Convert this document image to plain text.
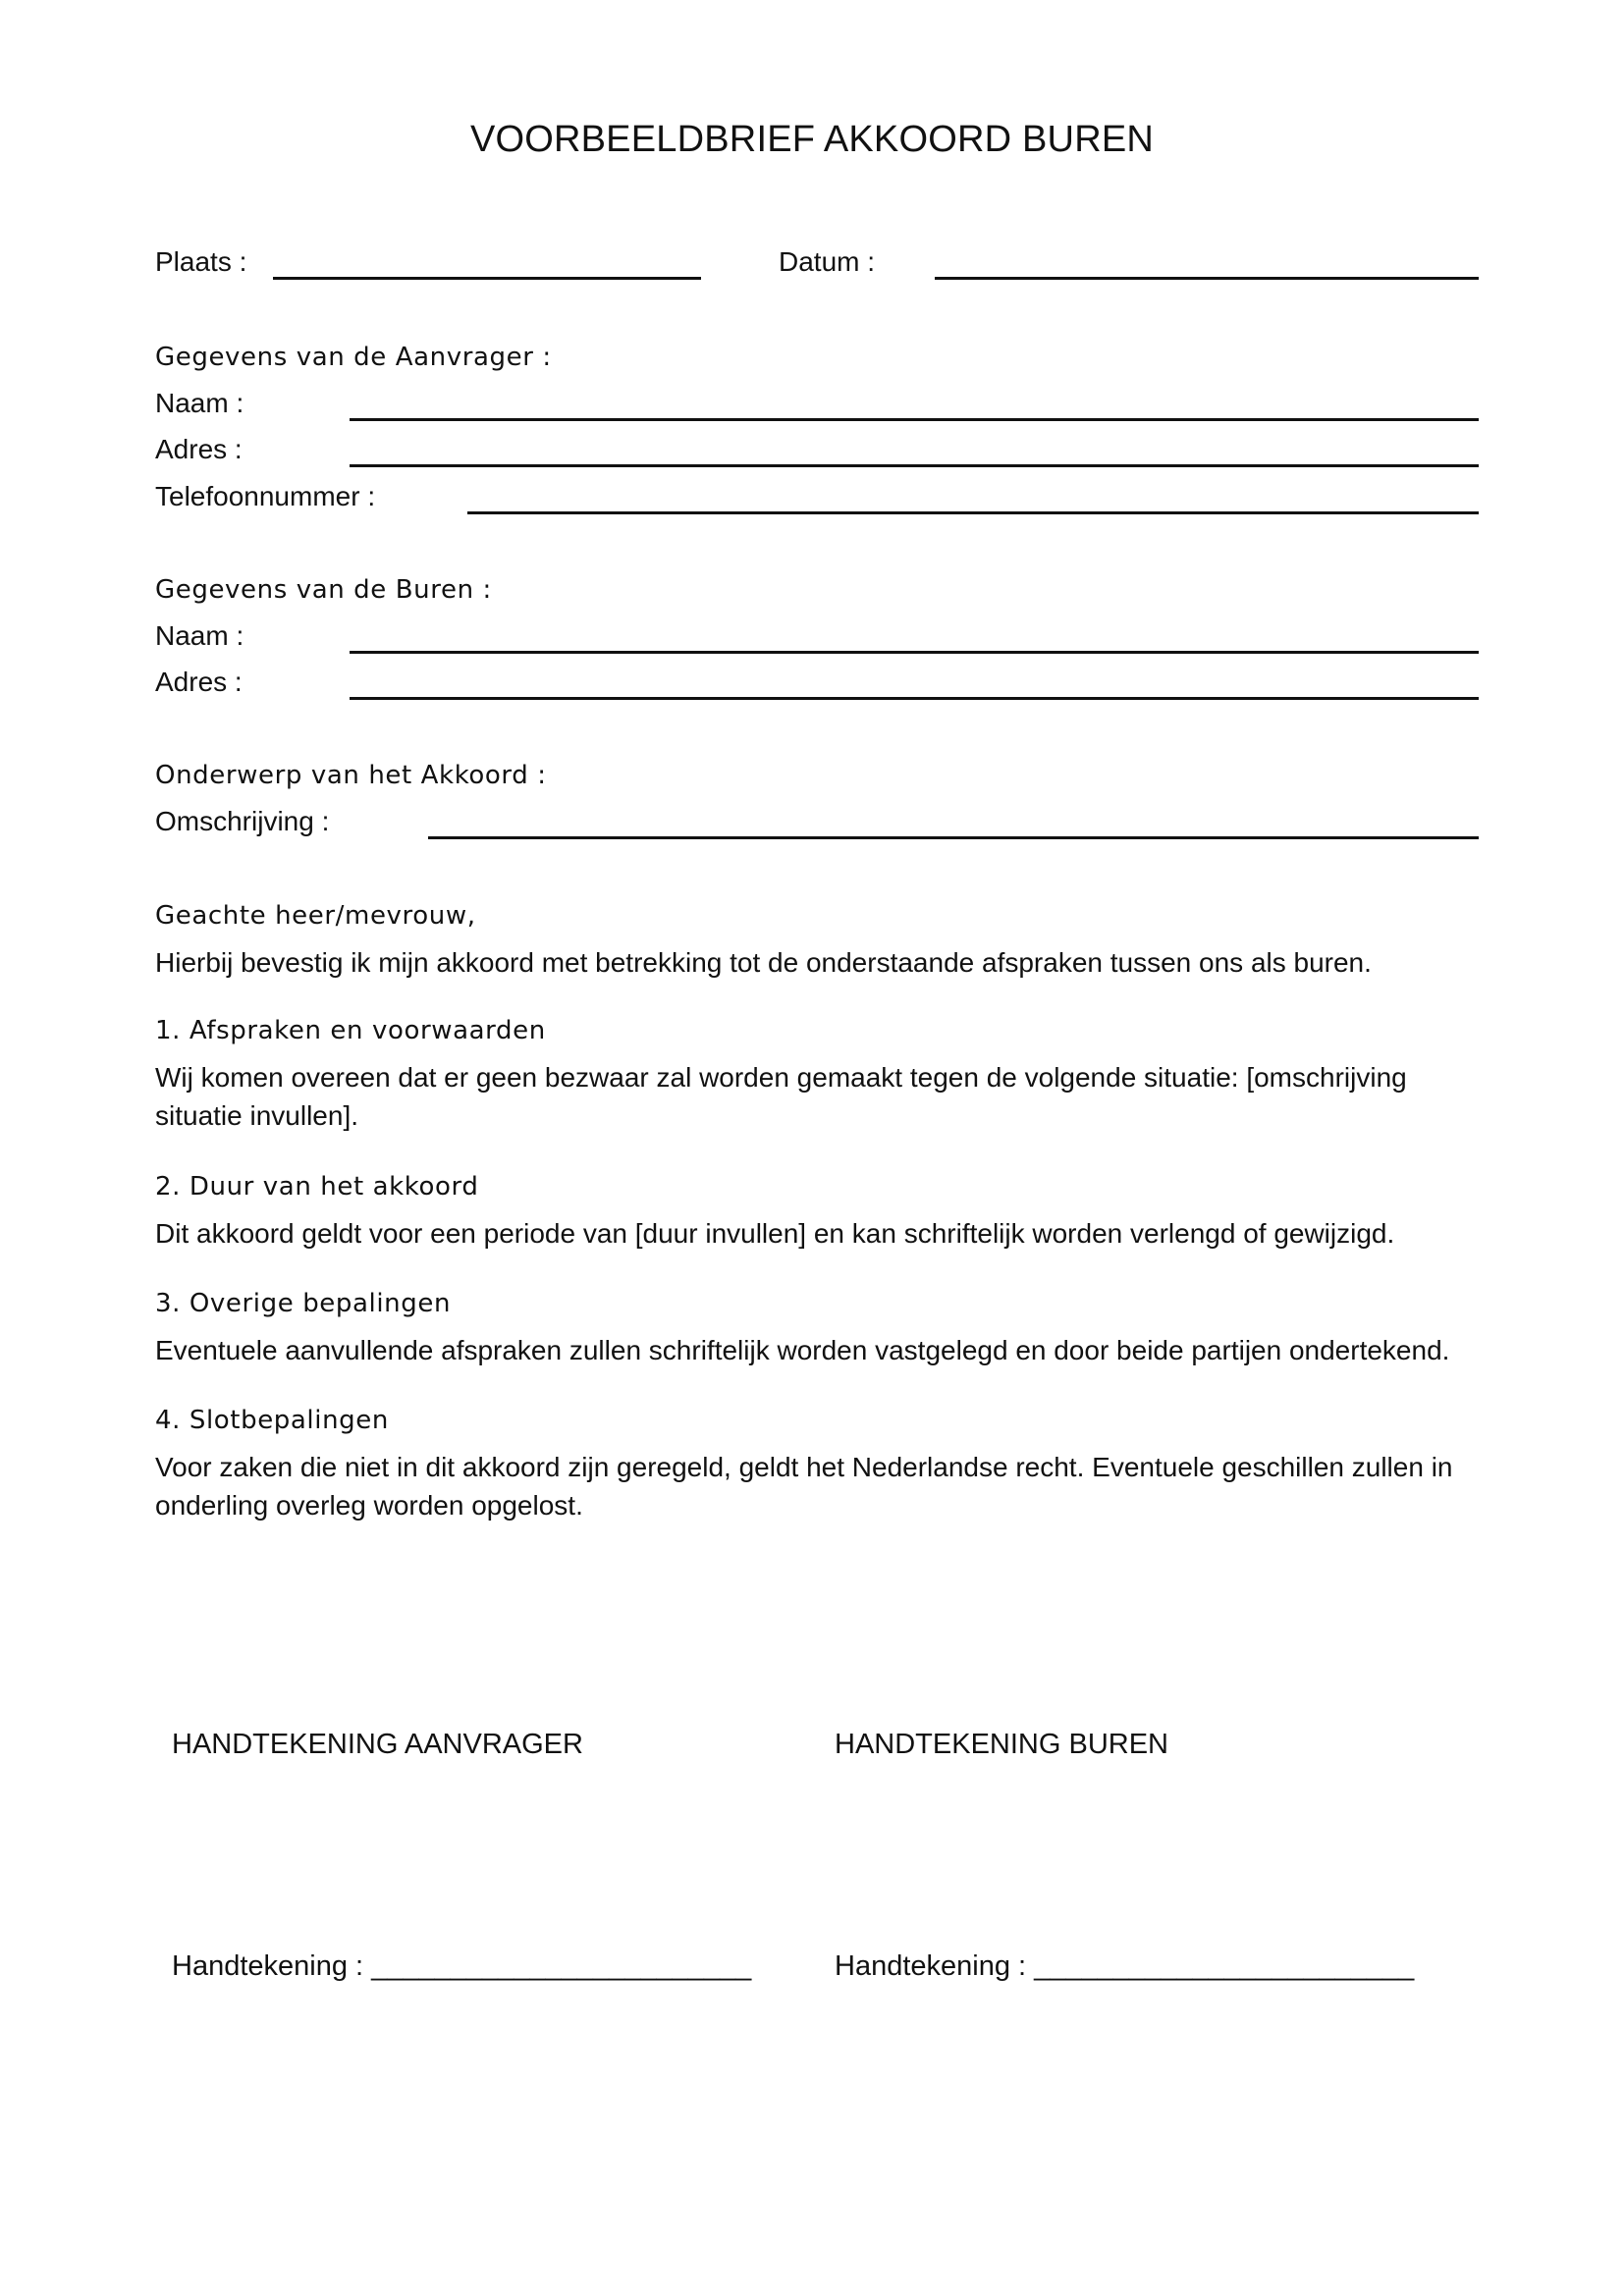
VOORBEELDBRIEF AKKOORD BUREN
Plaats :	Datum :
Gegevens van de Aanvrager :
Naam :
Adres :
Telefoonnummer :
Gegevens van de Buren :
Naam :
Adres :
Onderwerp van het Akkoord :
Omschrijving :
Geachte heer/mevrouw,
Hierbij bevestig ik mijn akkoord met betrekking tot de onderstaande afspraken tussen ons als buren.
1. Afspraken en voorwaarden
Wij komen overeen dat er geen bezwaar zal worden gemaakt tegen de volgende situatie: [omschrijving situatie invullen].
2. Duur van het akkoord
Dit akkoord geldt voor een periode van [duur invullen] en kan schriftelijk worden verlengd of gewijzigd.
3. Overige bepalingen
Eventuele aanvullende afspraken zullen schriftelijk worden vastgelegd en door beide partijen ondertekend.
4. Slotbepalingen
Voor zaken die niet in dit akkoord zijn geregeld, geldt het Nederlandse recht. Eventuele geschillen zullen in onderling overleg worden opgelost.
HANDTEKENING AANVRAGER	HANDTEKENING BUREN
Handtekening : ________________________	Handtekening : ________________________
